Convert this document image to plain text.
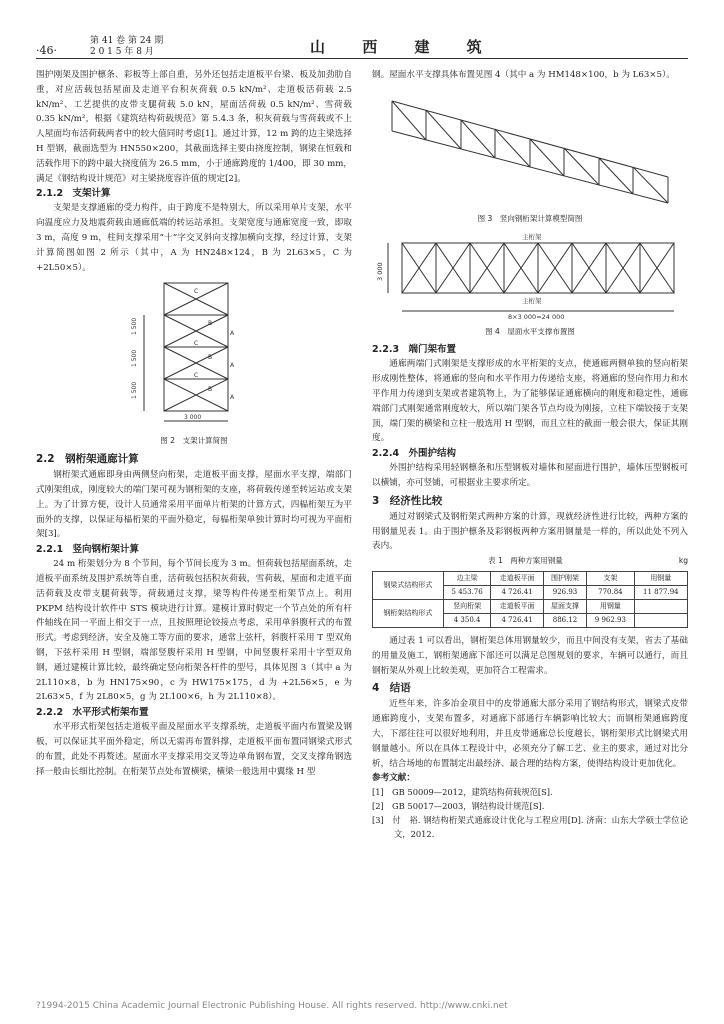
·46·
第 41 卷 第 24 期
2 0 1 5 年 8 月	山 西 建 筑

围护刚架及围护檩条、彩板等上部自重，另外还包括走道板平台梁、板及加劲肋自重，对应活载包括屋面及走道平台积灰荷载 0.5 kN/m²、走道板活荷载 2.5 kN/m²、工艺提供的皮带支腿荷载 5.0 kN，屋面活荷载 0.5 kN/m²、雪荷载 0.35 kN/m²，根据《建筑结构荷载规范》第 5.4.3 条，积灰荷载与雪荷载或不上人屋面均布活荷载两者中的较大值同时考虑[1]。通过计算，12 m 跨的边主梁选择 H 型钢，截面选型为 HN550×200，其截面选择主要由挠度控制，钢梁在恒载和活载作用下的跨中最大挠度值为 26.5 mm，小于通廊跨度的 1/400，即 30 mm，满足《钢结构设计规范》对主梁挠度容许值的规定[2]。

2.1.2　支架计算

支架是支撑通廊的受力构件，由于跨度不是特别大，所以采用单片支架，水平向温度应力及地震荷载由通廊低端的转运站承担。支架宽度与通廊宽度一致，即取 3 m，高度 9 m，柱间支撑采用“十”字交叉斜向支撑加横向支撑，经过计算，支架计算简图如图 2 所示（其中，A 为 HN248×124，B 为 2L63×5，C 为 +2L50×5）。

C
B
A
C
B
A
C
B
A
1 500
1 500
1 500
3 000
图 2　支架计算简图
2.2　钢桁架通廊计算

钢桁架式通廊即身由两侧竖向桁架，走道板平面支撑，屋面水平支撑，端部门式刚架组成，刚度较大的端门架可视为钢桁架的支座，将荷载传递至转运站或支架上。为了计算方便，设计人员通常采用平面单片桁架的计算方式，四榀桁架互为平面外的支撑，以保证每榀桁架的平面外稳定，每榀桁架单独计算时均可视为平面桁架[3]。

2.2.1　竖向钢桁架计算

24 m 桁架划分为 8 个节间，每个节间长度为 3 m。恒荷载包括屋面系统，走道板平面系统及围护系统等自重，活荷载包括积灰荷载，雪荷载，屋面和走道平面活荷载及皮带支腿荷载等，荷载通过支撑，梁等构件传递至桁架节点上。利用 PKPM 结构设计软件中 STS 模块进行计算。建模计算时假定一个节点处的所有杆件轴线在同一平面上相交于一点，且按照理论铰接点考虑，采用单斜腹杆式的布置形式。考虑到经济，安全及施工等方面的要求，通常上弦杆，斜腹杆采用 T 型双角钢，下弦杆采用 H 型钢，端部竖腹杆采用 H 型钢，中间竖腹杆采用十字型双角钢，通过建模计算比较，最终确定竖向桁架各杆件的型号，具体见图 3（其中 a 为 2L110×8，b 为 HN175×90，c 为 HW175×175，d 为 +2L56×5，e 为 2L63×5，f 为 2L80×5，g 为 2L100×6，h 为 2L110×8）。

2.2.2　水平形式桁架布置

水平形式桁架包括走道板平面及屋面水平支撑系统，走道板平面内布置梁及钢板，可以保证其平面外稳定，所以无需再布置斜撑，走道板平面布置同钢梁式形式的布置，此处不再赘述。屋面水平支撑采用交叉等边单角钢布置，交叉支撑角钢选择一般由长细比控制。在桁架节点处布置横梁，横梁一般选用中翼缘 H 型

钢。屋面水平支撑具体布置见图 4（其中 a 为 HM148×100，b 为 L63×5）。

图 3　竖向钢桁架计算模型简图
主桁架
主桁架
8×3 000=24 000
3 000
图 4　屋面水平支撑布置图
2.2.3　端门架布置

通廊两端门式刚架是支撑形成的水平桁架的支点，使通廊两侧单独的竖向桁架形成刚性整体，将通廊的竖向和水平作用力传递给支座，将通廊的竖向作用力和水平作用力传递到支架或者建筑物上，为了能够保证通廊横向的刚度和稳定性，通廊端部门式刚架通常刚度较大，所以端门架各节点均设为刚接，立柱下端铰接于支架顶，端门架的横梁和立柱一般选用 H 型钢，而且立柱的截面一般会很大，保证其刚度。

2.2.4　外围护结构

外围护结构采用轻钢檩条和压型钢板对墙体和屋面进行围护，墙体压型钢板可以横铺，亦可竖铺，可根据业主要求所定。

3　经济性比较

通过对钢梁式及钢桁架式两种方案的计算，现就经济性进行比较，两种方案的用钢量见表 1。由于围护檩条及彩钢板两种方案用钢量是一样的，所以此处不列入表内。

表 1　两种方案用钢量	kg
钢梁式结构形式	边主梁	走道板平面	围护刚架	支架	用钢量
	5 453.76	4 726.41	926.93	770.84	11 877.94
钢桁架结构形式	竖向桁架	走道板平面	屋面支撑	用钢量	
	4 350.4	4 726.41	886.12	9 962.93	

通过表 1 可以看出，钢桁架总体用钢量较少，而且中间没有支架，省去了基础的用量及施工，钢桁架通廊下部还可以满足总图规划的要求，车辆可以通行，而且钢桁架从外观上比较美观，更加符合工程需求。

4　结语

近些年来，许多冶金项目中的皮带通廊大部分采用了钢结构形式，钢梁式皮带通廊跨度小，支架布置多，对通廊下部通行车辆影响比较大；而钢桁架通廊跨度大，下部往往可以很好地利用，并且皮带通廊总长度越长，钢桁架形式比钢梁式用钢量越小。所以在具体工程设计中，必须充分了解工艺、业主的要求，通过对比分析，结合场地的布置制定出最经济、最合理的结构方案，使得结构设计更加优化。

参考文献：
[1]　GB 50009—2012，建筑结构荷载规范[S].
[2]　GB 50017—2003，钢结构设计规范[S].
[3]　付　裕. 钢结构桁架式通廊设计优化与工程应用[D]. 济南：山东大学硕士学位论文，2012.
?1994-2015 China Academic Journal Electronic Publishing House. All rights reserved. http://www.cnki.net
